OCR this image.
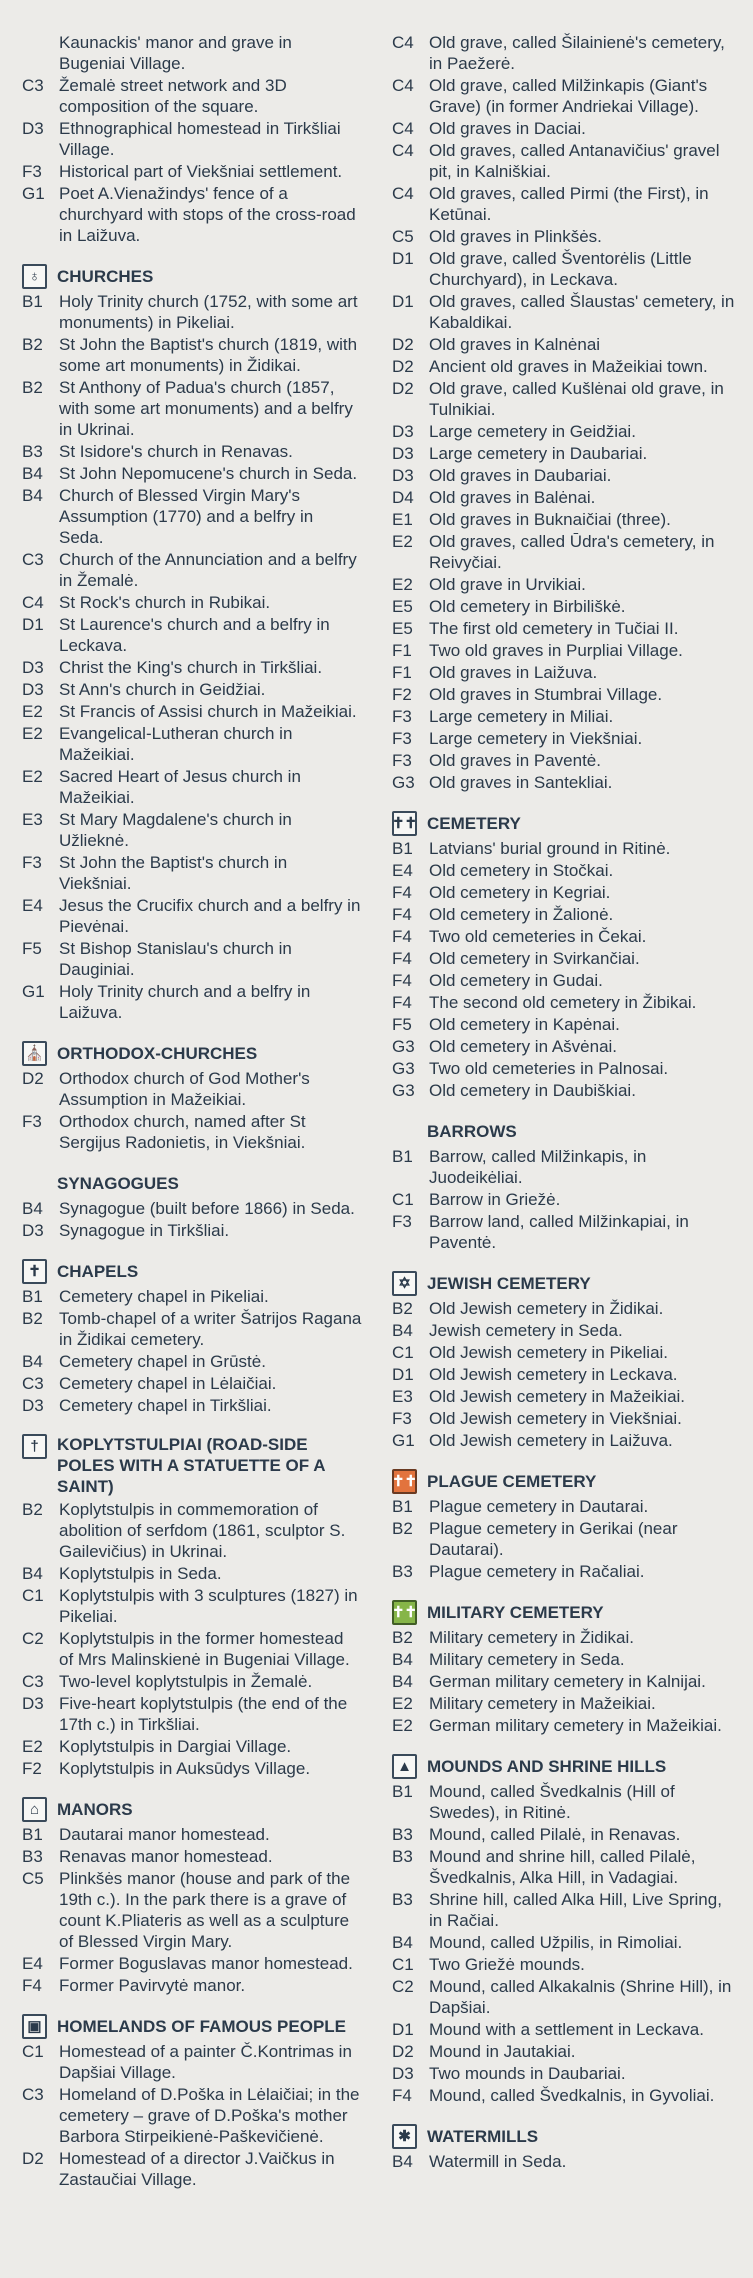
Kaunackis' manor and grave in Bugeniai Village.
C3 Žemalė street network and 3D composition of the square.
D3 Ethnographical homestead in Tirkšliai Village.
F3	Historical part of Viekšniai settlement.
G1 Poet A.Vienažindys' fence of a churchyard with stops of the cross-road in Laižuva.
♁ CHURCHES
B1 Holy Trinity church (1752, with some art monuments) in Pikeliai.
B2 St John the Baptist's church (1819, with some art monuments) in Židikai.
B2 St Anthony of Padua's church (1857, with some art monuments) and a belfry in Ukrinai.
B3 St Isidore's church in Renavas.
B4 St John Nepomucene's church in Seda.
B4 Church of Blessed Virgin Mary's Assumption (1770) and a belfry in Seda.
C3 Church of the Annunciation and a belfry in Žemalė.
C4 St Rock's church in Rubikai.
D1 St Laurence's church and a belfry in Leckava.
D3 Christ the King's church in Tirkšliai.
D3 St Ann's church in Geidžiai.
E2 St Francis of Assisi church in Mažeikiai.
E2 Evangelical-Lutheran church in Mažeikiai.
E2 Sacred Heart of Jesus church in Mažeikiai.
E3 St Mary Magdalene's church in Užlieknė.
F3	St John the Baptist's church in Viekšniai.
E4 Jesus the Crucifix church and a belfry in Pievėnai.
F5	St Bishop Stanislau's church in Dauginiai.
G1 Holy Trinity church and a belfry in Laižuva.
⛪ ORTHODOX-CHURCHES
D2 Orthodox church of God Mother's Assumption in Mažeikiai.
F3	Orthodox church, named after St Sergijus Radonietis, in Viekšniai.
SYNAGOGUES
B4 Synagogue (built before 1866) in Seda.
D3 Synagogue in Tirkšliai.
✝ CHAPELS
B1 Cemetery chapel in Pikeliai.
B2 Tomb-chapel of a writer Šatrijos Ragana in Židikai cemetery.
B4 Cemetery chapel in Grūstė.
C3 Cemetery chapel in Lėlaičiai.
D3 Cemetery chapel in Tirkšliai.
†	KOPLYTSTULPIAI (ROAD-SIDE POLES WITH A STATUETTE OF A SAINT)
B2 Koplytstulpis in commemoration of abolition of serfdom (1861, sculptor S. Gailevičius) in Ukrinai.
B4 Koplytstulpis in Seda.
C1 Koplytstulpis with 3 sculptures (1827) in Pikeliai.
C2 Koplytstulpis in the former homestead of Mrs Malinskienė in Bugeniai Village.
C3 Two-level koplytstulpis in Žemalė.
D3 Five-heart koplytstulpis (the end of the 17th c.) in Tirkšliai.
E2 Koplytstulpis in Dargiai Village.
F2	Koplytstulpis in Auksūdys Village.
⌂	MANORS
B1 Dautarai manor homestead.
B3 Renavas manor homestead.
C5 Plinkšės manor (house and park of the 19th c.). In the park there is a grave of count K.Pliateris as well as a sculpture of Blessed Virgin Mary.
E4 Former Boguslavas manor homestead.
F4	Former Pavirvytė manor.
▣ HOMELANDS OF FAMOUS PEOPLE
C1 Homestead of a painter Č.Kontrimas in Dapšiai Village.
C3 Homeland of D.Poška in Lėlaičiai; in the cemetery – grave of D.Poška's mother Barbora Stirpeikienė-Paškevičienė.
D2 Homestead of a director J.Vaičkus in Zastaučiai Village.
C4 Old grave, called Šilainienė's cemetery, in Paežerė.
C4 Old grave, called Milžinkapis (Giant's Grave) (in former Andriekai Village).
C4 Old graves in Daciai.
C4 Old graves, called Antanavičius' gravel pit, in Kalniškiai.
C4 Old graves, called Pirmi (the First), in Ketūnai.
C5 Old graves in Plinkšės.
D1 Old grave, called Šventorėlis (Little Churchyard), in Leckava.
D1 Old graves, called Šlaustas' cemetery, in Kabaldikai.
D2 Old graves in Kalnėnai
D2 Ancient old graves in Mažeikiai town.
D2 Old grave, called Kušlėnai old grave, in Tulnikiai.
D3 Large cemetery in Geidžiai.
D3 Large cemetery in Daubariai.
D3 Old graves in Daubariai.
D4 Old graves in Balėnai.
E1 Old graves in Buknaičiai (three).
E2 Old graves, called Ūdra's cemetery, in Reivyčiai.
E2 Old grave in Urvikiai.
E5 Old cemetery in Birbiliškė.
E5 The first old cemetery in Tučiai II.
F1	Two old graves in Purpliai Village.
F1	Old graves in Laižuva.
F2	Old graves in Stumbrai Village.
F3	Large cemetery in Miliai.
F3	Large cemetery in Viekšniai.
F3	Old graves in Paventė.
G3 Old graves in Santekliai.
✝✝ CEMETERY
B1 Latvians' burial ground in Ritinė.
E4 Old cemetery in Stočkai.
F4	Old cemetery in Kegriai.
F4	Old cemetery in Žalionė.
F4	Two old cemeteries in Čekai.
F4	Old cemetery in Svirkančiai.
F4	Old cemetery in Gudai.
F4	The second old cemetery in Žibikai.
F5	Old cemetery in Kapėnai.
G3 Old cemetery in Ašvėnai.
G3 Two old cemeteries in Palnosai.
G3 Old cemetery in Daubiškiai.
BARROWS
B1 Barrow, called Milžinkapis, in Juodeikėliai.
C1 Barrow in Griežė.
F3	Barrow land, called Milžinkapiai, in Paventė.
✡ JEWISH CEMETERY
B2 Old Jewish cemetery in Židikai.
B4 Jewish cemetery in Seda.
C1 Old Jewish cemetery in Pikeliai.
D1 Old Jewish cemetery in Leckava.
E3 Old Jewish cemetery in Mažeikiai.
F3	Old Jewish cemetery in Viekšniai.
G1 Old Jewish cemetery in Laižuva.
✝✝ PLAGUE CEMETERY
B1 Plague cemetery in Dautarai.
B2 Plague cemetery in Gerikai (near Dautarai).
B3 Plague cemetery in Račaliai.
✝✝ MILITARY CEMETERY
B2 Military cemetery in Židikai.
B4 Military cemetery in Seda.
B4 German military cemetery in Kalnijai.
E2 Military cemetery in Mažeikiai.
E2 German military cemetery in Mažeikiai.
▲ MOUNDS AND SHRINE HILLS
B1 Mound, called Švedkalnis (Hill of Swedes), in Ritinė.
B3 Mound, called Pilalė, in Renavas.
B3 Mound and shrine hill, called Pilalė, Švedkalnis, Alka Hill, in Vadagiai.
B3 Shrine hill, called Alka Hill, Live Spring, in Račiai.
B4 Mound, called Užpilis, in Rimoliai.
C1 Two Griežė mounds.
C2 Mound, called Alkakalnis (Shrine Hill), in Dapšiai.
D1 Mound with a settlement in Leckava.
D2 Mound in Jautakiai.
D3 Two mounds in Daubariai.
F4	Mound, called Švedkalnis, in Gyvoliai.
✱ WATERMILLS
B4 Watermill in Seda.
